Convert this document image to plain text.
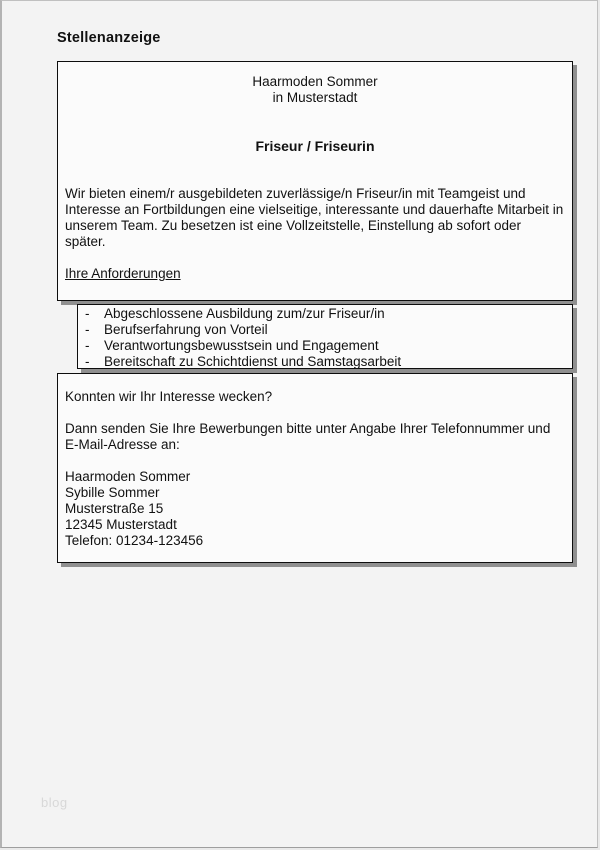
Stellenanzeige
Haarmoden Sommer
in Musterstadt
Friseur / Friseurin
Wir bieten einem/r ausgebildeten zuverlässige/n Friseur/in mit Teamgeist und Interesse an Fortbildungen eine vielseitige, interessante und dauerhafte Mitarbeit in unserem Team. Zu besetzen ist eine Vollzeitstelle, Einstellung ab sofort oder später.
Ihre Anforderungen
-	Abgeschlossene Ausbildung zum/zur Friseur/in
-	Berufserfahrung von Vorteil
-	Verantwortungsbewusstsein und Engagement
-	Bereitschaft zu Schichtdienst und Samstagsarbeit
Konnten wir Ihr Interesse wecken?
Dann senden Sie Ihre Bewerbungen bitte unter Angabe Ihrer Telefonnummer und
E-Mail-Adresse an:
Haarmoden Sommer
Sybille Sommer
Musterstraße 15
12345 Musterstadt
Telefon: 01234-123456
blog
